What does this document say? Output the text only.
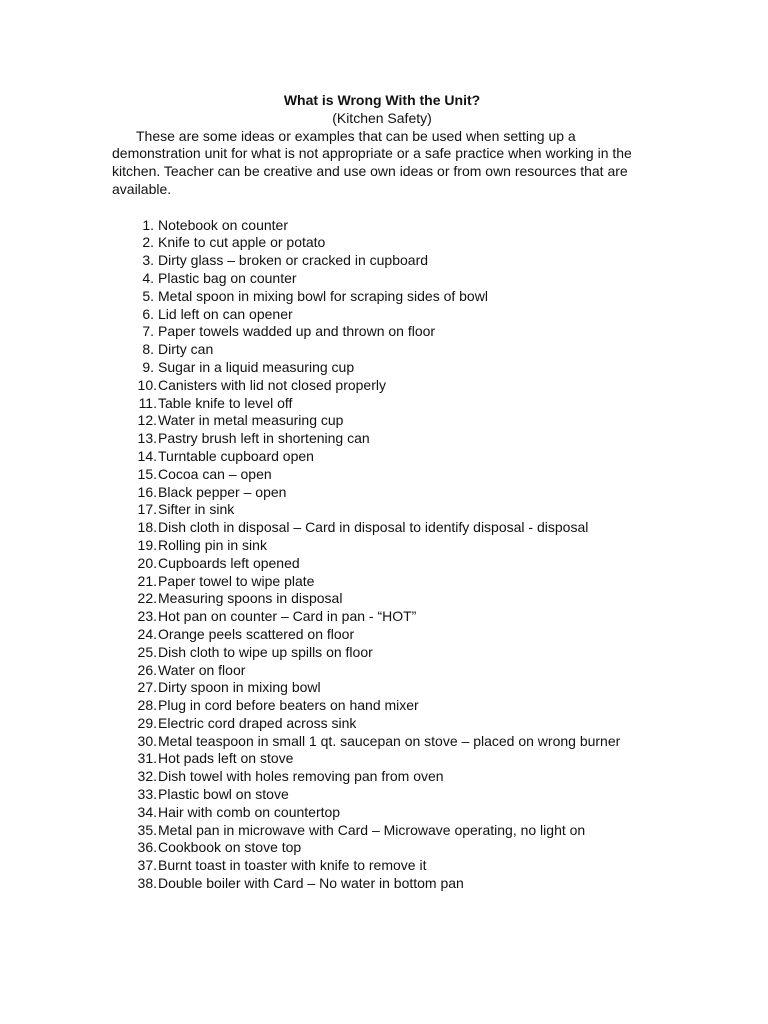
What is Wrong With the Unit?

(Kitchen Safety)

These are some ideas or examples that can be used when setting up a demonstration unit for what is not appropriate or a safe practice when working in the kitchen. Teacher can be creative and use own ideas or from own resources that are available.

1. Notebook on counter
2. Knife to cut apple or potato
3. Dirty glass – broken or cracked in cupboard
4. Plastic bag on counter
5. Metal spoon in mixing bowl for scraping sides of bowl
6. Lid left on can opener
7. Paper towels wadded up and thrown on floor
8. Dirty can
9. Sugar in a liquid measuring cup
10. Canisters with lid not closed properly
11. Table knife to level off
12. Water in metal measuring cup
13. Pastry brush left in shortening can
14. Turntable cupboard open
15. Cocoa can – open
16. Black pepper – open
17. Sifter in sink
18. Dish cloth in disposal – Card in disposal to identify disposal - disposal
19. Rolling pin in sink
20. Cupboards left opened
21. Paper towel to wipe plate
22. Measuring spoons in disposal
23. Hot pan on counter – Card in pan - “HOT”
24. Orange peels scattered on floor
25. Dish cloth to wipe up spills on floor
26. Water on floor
27. Dirty spoon in mixing bowl
28. Plug in cord before beaters on hand mixer
29. Electric cord draped across sink
30. Metal teaspoon in small 1 qt. saucepan on stove – placed on wrong burner
31. Hot pads left on stove
32. Dish towel with holes removing pan from oven
33. Plastic bowl on stove
34. Hair with comb on countertop
35. Metal pan in microwave with Card – Microwave operating, no light on
36. Cookbook on stove top
37. Burnt toast in toaster with knife to remove it
38. Double boiler with Card – No water in bottom pan
